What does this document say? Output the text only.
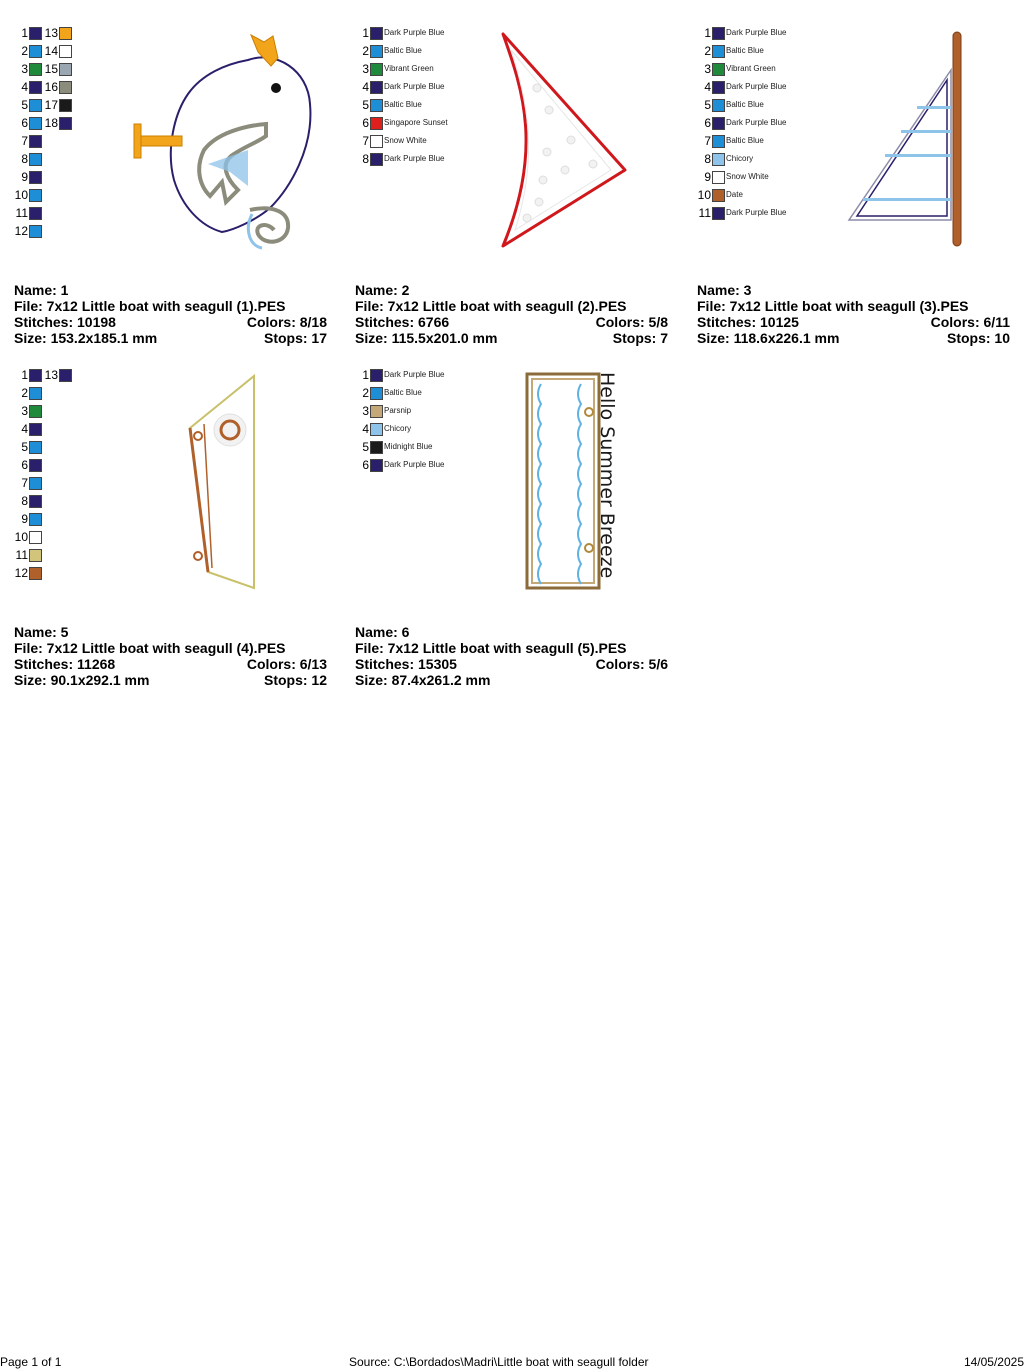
1
2
3
4
5
6
7
8
9
10
11
12
13
14
15
16
17
18
Name: 1
File: 7x12 Little boat with seagull (1).PES
Stitches: 10198	Colors: 8/18
Size: 153.2x185.1 mm	Stops: 17
1 Dark Purple Blue
2 Baltic Blue
3 Vibrant Green
4 Dark Purple Blue
5 Baltic Blue
6 Singapore Sunset
7 Snow White
8 Dark Purple Blue
Name: 2
File: 7x12 Little boat with seagull (2).PES
Stitches: 6766	Colors: 5/8
Size: 115.5x201.0 mm	Stops: 7
1 Dark Purple Blue
2 Baltic Blue
3 Vibrant Green
4 Dark Purple Blue
5 Baltic Blue
6 Dark Purple Blue
7 Baltic Blue
8 Chicory
9 Snow White
10 Date
11 Dark Purple Blue
Name: 3
File: 7x12 Little boat with seagull (3).PES
Stitches: 10125	Colors: 6/11
Size: 118.6x226.1 mm	Stops: 10
1
2
3
4
5
6
7
8
9
10
11
12
13
Name: 5
File: 7x12 Little boat with seagull (4).PES
Stitches: 11268	Colors: 6/13
Size: 90.1x292.1 mm	Stops: 12
1 Dark Purple Blue
2 Baltic Blue
3 Parsnip
4 Chicory
5 Midnight Blue
6 Dark Purple Blue	Hello Summer Breeze
Name: 6
File: 7x12 Little boat with seagull (5).PES
Stitches: 15305	Colors: 5/6
Size: 87.4x261.2 mm
Page 1 of 1	Source: C:\Bordados\Madri\Little boat with seagull folder	14/05/2025
